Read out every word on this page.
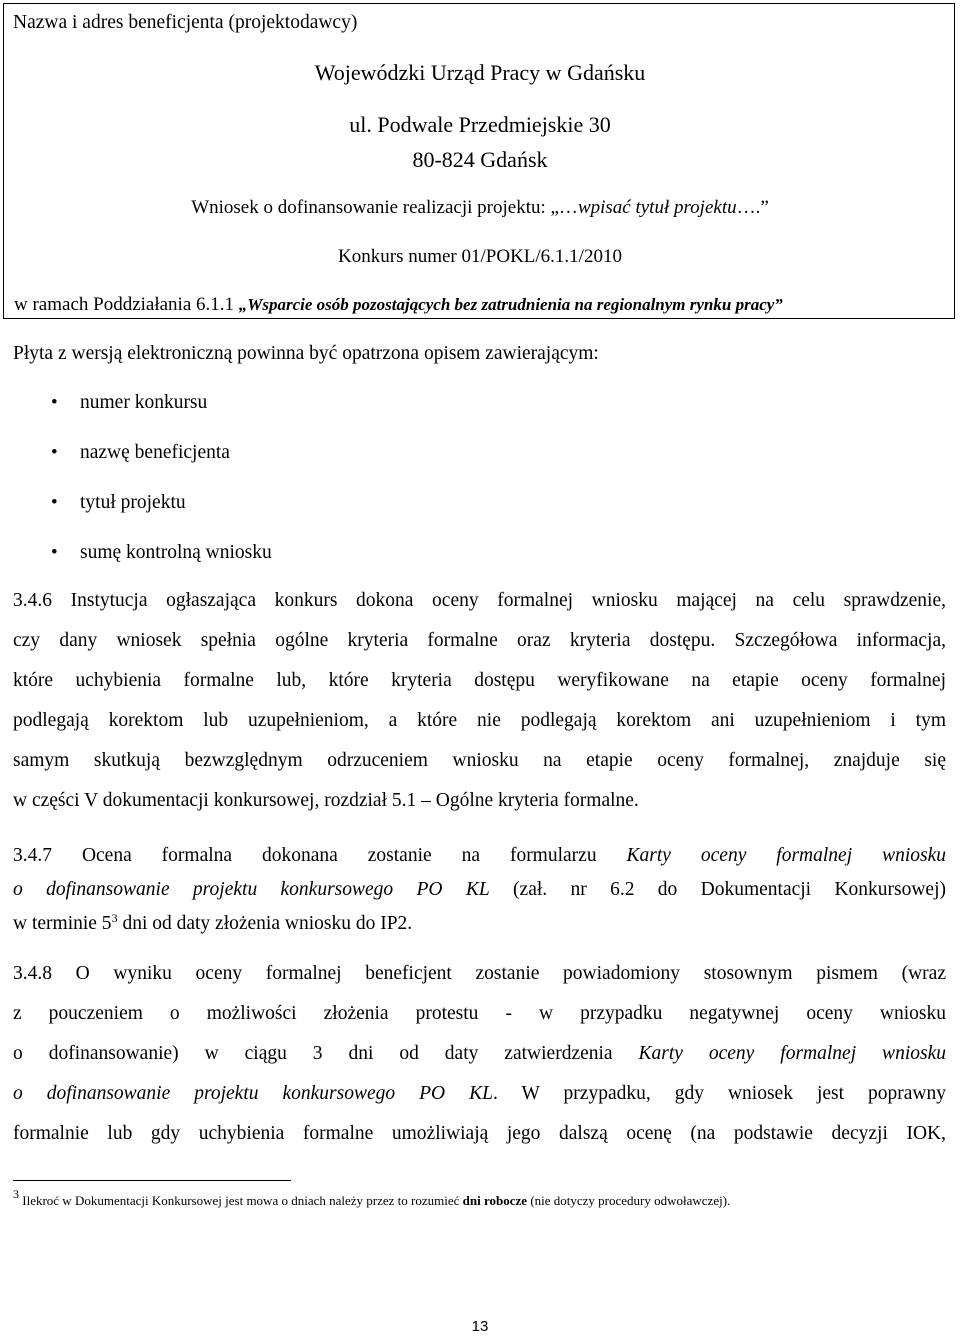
Nazwa i adres beneficjenta (projektodawcy)
Wojewódzki Urząd Pracy w Gdańsku
ul. Podwale Przedmiejskie 30
80-824 Gdańsk
Wniosek o dofinansowanie realizacji projektu: „…wpisać tytuł projektu….”
Konkurs numer 01/POKL/6.1.1/2010
w ramach Poddziałania 6.1.1 „Wsparcie osób pozostających bez zatrudnienia na regionalnym rynku pracy”
Płyta z wersją elektroniczną powinna być opatrzona opisem zawierającym:
• numer konkursu
• nazwę beneficjenta
• tytuł projektu
• sumę kontrolną wniosku
3.4.6 Instytucja ogłaszająca konkurs dokona oceny formalnej wniosku mającej na celu sprawdzenie,
czy dany wniosek spełnia ogólne kryteria formalne oraz kryteria dostępu. Szczegółowa informacja,
które uchybienia formalne lub, które kryteria dostępu weryfikowane na etapie oceny formalnej
podlegają korektom lub uzupełnieniom, a które nie podlegają korektom ani uzupełnieniom i tym
samym skutkują bezwzględnym odrzuceniem wniosku na etapie oceny formalnej, znajduje się
w części V dokumentacji konkursowej, rozdział 5.1 – Ogólne kryteria formalne.
3.4.7 Ocena formalna dokonana zostanie na formularzu Karty oceny formalnej wniosku
o dofinansowanie projektu konkursowego PO KL (zał. nr 6.2 do Dokumentacji Konkursowej)
w terminie $5^3$ dni od daty złożenia wniosku do IP2.
3.4.8 O wyniku oceny formalnej beneficjent zostanie powiadomiony stosownym pismem (wraz
z pouczeniem o możliwości złożenia protestu - w przypadku negatywnej oceny wniosku
o dofinansowanie) w ciągu 3 dni od daty zatwierdzenia Karty oceny formalnej wniosku
o dofinansowanie projektu konkursowego PO KL. W przypadku, gdy wniosek jest poprawny
formalnie lub gdy uchybienia formalne umożliwiają jego dalszą ocenę (na podstawie decyzji IOK,
$^3$ Ilekroć w Dokumentacji Konkursowej jest mowa o dniach należy przez to rozumieć dni robocze (nie dotyczy procedury odwoławczej).
13
